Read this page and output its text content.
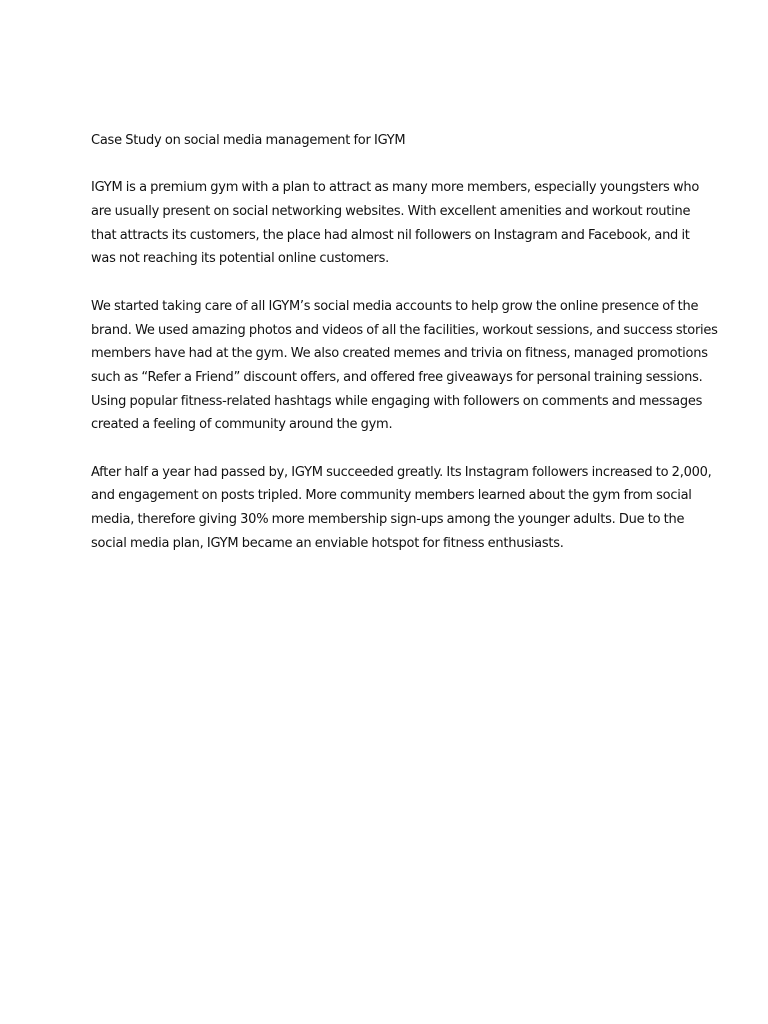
Case Study on social media management for IGYM
IGYM is a premium gym with a plan to attract as many more members, especially youngsters who
are usually present on social networking websites. With excellent amenities and workout routine
that attracts its customers, the place had almost nil followers on Instagram and Facebook, and it
was not reaching its potential online customers.
We started taking care of all IGYM’s social media accounts to help grow the online presence of the
brand. We used amazing photos and videos of all the facilities, workout sessions, and success stories
members have had at the gym. We also created memes and trivia on fitness, managed promotions
such as “Refer a Friend” discount offers, and offered free giveaways for personal training sessions.
Using popular fitness-related hashtags while engaging with followers on comments and messages
created a feeling of community around the gym.
After half a year had passed by, IGYM succeeded greatly. Its Instagram followers increased to 2,000,
and engagement on posts tripled. More community members learned about the gym from social
media, therefore giving 30% more membership sign-ups among the younger adults. Due to the
social media plan, IGYM became an enviable hotspot for fitness enthusiasts.
